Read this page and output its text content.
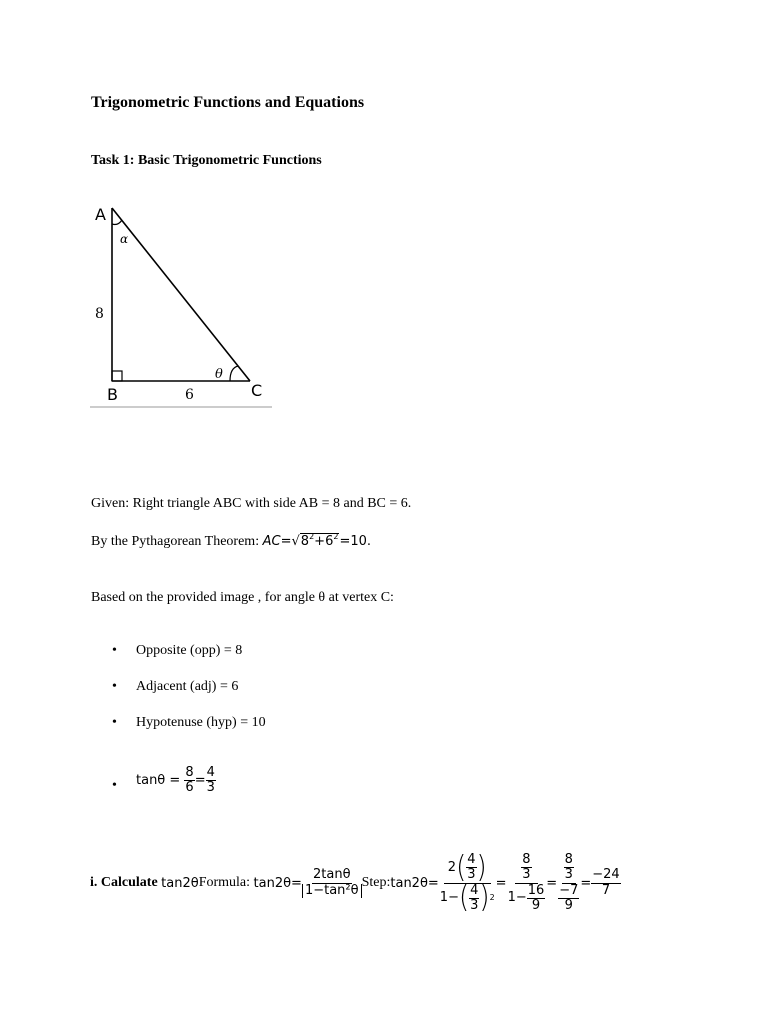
Trigonometric Functions and Equations
Task 1: Basic Trigonometric Functions
A
B	C
α
θ
8
6
Given: Right triangle ABC with side AB = 8 and BC = 6.
By the Pythagorean Theorem: $AC=√8^2+6^2=10$.
Based on the provided image , for angle θ at vertex C:
• Opposite (opp) = 8
• Adjacent (adj) = 6
• Hypotenuse (hyp) = 10
• tanθ =
$\frac{8}{6} = \frac{4}{3}$
i. Calculate
tan2θ Formula:
$\tan 2\theta= \frac{2\tan\theta}{\text{1−tan²θ}}$ Step: $\tan 2\theta= \frac{2 ( \frac{4}{3} )}{1- ( \frac{4}{3} ) 2} = \frac{\frac{8}{3}}{1- \frac{16}{9}} = \frac{\frac{8}{3}}{\frac{-7}{9}} = \frac{-24}{7}$
